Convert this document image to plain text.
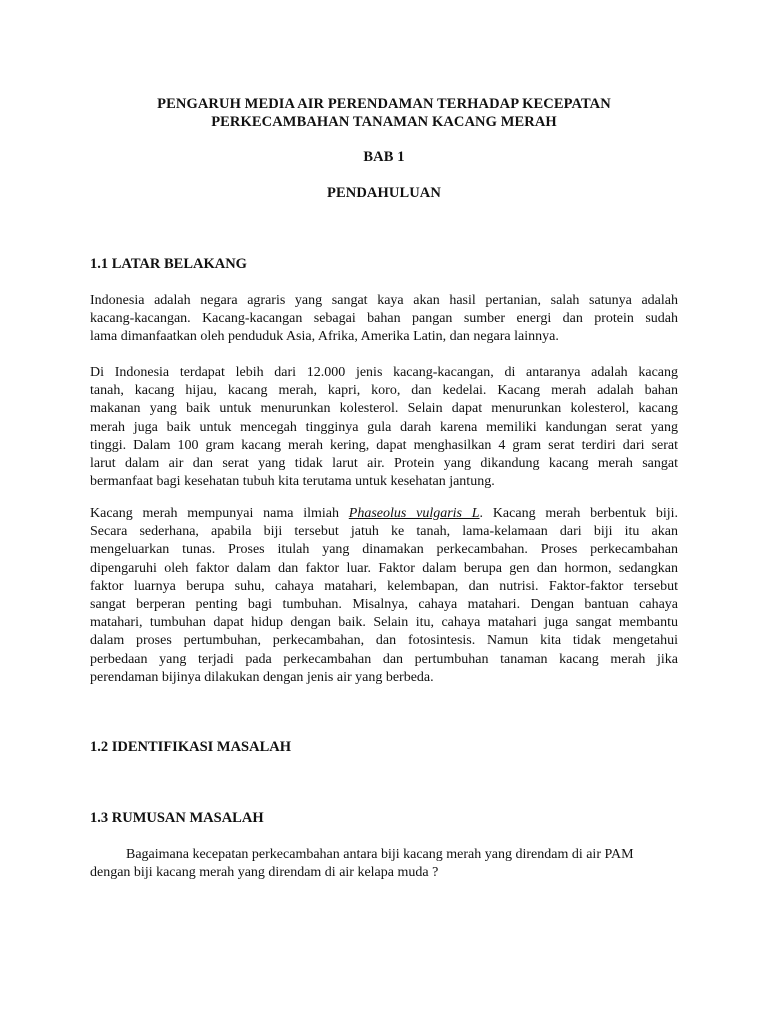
PENGARUH MEDIA AIR PERENDAMAN TERHADAP KECEPATAN
PERKECAMBAHAN TANAMAN KACANG MERAH
BAB 1
PENDAHULUAN
1.1 LATAR BELAKANG
Indonesia adalah negara agraris yang sangat kaya akan hasil pertanian, salah satunya adalah
kacang-kacangan. Kacang-kacangan sebagai bahan pangan sumber energi dan protein sudah
lama dimanfaatkan oleh penduduk Asia, Afrika, Amerika Latin, dan negara lainnya.
Di Indonesia terdapat lebih dari 12.000 jenis kacang-kacangan, di antaranya adalah kacang
tanah, kacang hijau, kacang merah, kapri, koro, dan kedelai. Kacang merah adalah bahan
makanan yang baik untuk menurunkan kolesterol. Selain dapat menurunkan kolesterol, kacang
merah juga baik untuk mencegah tingginya gula darah karena memiliki kandungan serat yang
tinggi. Dalam 100 gram kacang merah kering, dapat menghasilkan 4 gram serat terdiri dari serat
larut dalam air dan serat yang tidak larut air. Protein yang dikandung kacang merah sangat
bermanfaat bagi kesehatan tubuh kita terutama untuk kesehatan jantung.
Kacang merah mempunyai nama ilmiah Phaseolus vulgaris L. Kacang merah berbentuk biji.
Secara sederhana, apabila biji tersebut jatuh ke tanah, lama-kelamaan dari biji itu akan
mengeluarkan tunas. Proses itulah yang dinamakan perkecambahan. Proses perkecambahan
dipengaruhi oleh faktor dalam dan faktor luar. Faktor dalam berupa gen dan hormon, sedangkan
faktor luarnya berupa suhu, cahaya matahari, kelembapan, dan nutrisi. Faktor-faktor tersebut
sangat berperan penting bagi tumbuhan. Misalnya, cahaya matahari. Dengan bantuan cahaya
matahari, tumbuhan dapat hidup dengan baik. Selain itu, cahaya matahari juga sangat membantu
dalam proses pertumbuhan, perkecambahan, dan fotosintesis. Namun kita tidak mengetahui
perbedaan yang terjadi pada perkecambahan dan pertumbuhan tanaman kacang merah jika
perendaman bijinya dilakukan dengan jenis air yang berbeda.
1.2 IDENTIFIKASI MASALAH
1.3 RUMUSAN MASALAH
Bagaimana kecepatan perkecambahan antara biji kacang merah yang direndam di air PAM
dengan biji kacang merah yang direndam di air kelapa muda ?
